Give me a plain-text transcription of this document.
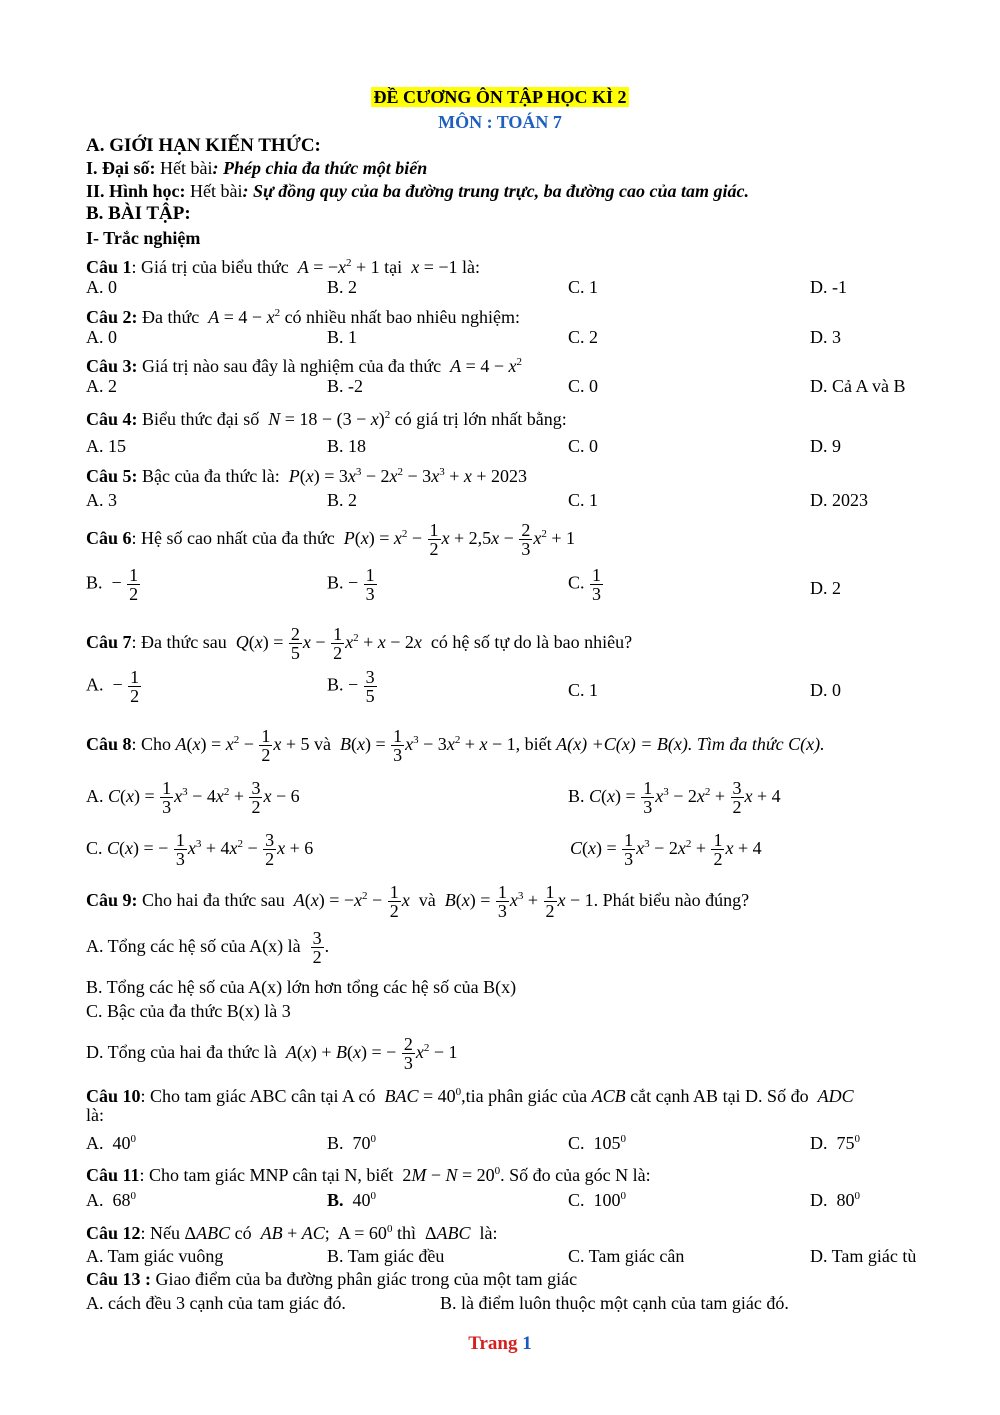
ĐỀ CƯƠNG ÔN TẬP HỌC KÌ 2
MÔN : TOÁN 7
A. GIỚI HẠN KIẾN THỨC:
I. Đại số: Hết bài: Phép chia đa thức một biến
II. Hình học: Hết bài: Sự đồng quy của ba đường trung trực, ba đường cao của tam giác.
B. BÀI TẬP:
I- Trắc nghiệm
Câu 1: Giá trị của biểu thức $A = -x^2 + 1$ tại  x = −1 là:
A. 0	B. 2	C. 1	D. -1
Câu 2: Đa thức $A = 4 - x^2$ có nhiều nhất bao nhiêu nghiệm:
A. 0	B. 1	C. 2	D. 3
Câu 3: Giá trị nào sau đây là nghiệm của đa thức $A = 4 - x^2$
A. 2	B. -2	C. 0	D. Cả A và B
Câu 4: Biểu thức đại số $N = 18 - (3 - x)^2$ có giá trị lớn nhất bằng:
A. 15	B. 18	C. 0	D. 9
Câu 5: Bậc của đa thức là: $P(x) = 3x^3 - 2x^2 - 3x^3 + x + 2023$
A. 3	B. 2	C. 1	D. 2023
Câu 6: Hệ số cao nhất của đa thức $P(x) = x^2 - \frac{1}{2}$ $x + 2,5x - \frac{2}{3} x^2 + 1$
B.  − $\frac{1}{2}$	B. − $\frac{1}{3}$	C. $\frac{1}{3}$	D. 2
Câu 7: Đa thức sau $Q(x) = \frac{2}{5}$ $x - \frac{1}{2} x^2 + x - 2x$ có hệ số tự do là bao nhiêu?
A.  − $\frac{1}{2}$	B. − $\frac{3}{5}$	C. 1	D. 0
Câu 8: Cho $A(x) = x^2 - \frac{1}{2}$ x + 5 và $B(x) = \frac{1}{3} x^3 - 3x^2 + x - 1$, biết A(x) +C(x) = B(x). Tìm đa thức C(x).
A. $C(x) = \frac{1}{3} x^3 - 4x^2 + \frac{3}{2}$ x − 6	B. $C(x) = \frac{1}{3} x^3 - 2x^2 + \frac{3}{2}$ x + 4
C. C(x) = − $\frac{1}{3} x^3 + 4x^2 - \frac{3}{2}$ x + 6	$C(x) = \frac{1}{3} x^3 - 2x^2 + \frac{1}{2}$ x + 4
Câu 9: Cho hai đa thức sau $A(x) = -x^2 - \frac{1}{2}$ x và $B(x) = \frac{1}{3} x^3 + \frac{1}{2}$ x − 1. Phát biểu nào đúng?
A. Tổng các hệ số của A(x) là $\frac{3}{2}$ .
B. Tổng các hệ số của A(x) lớn hơn tổng các hệ số của B(x)
C. Bậc của đa thức B(x) là 3
D. Tổng của hai đa thức là A(x) + B(x) = − $\frac{2}{3} x^2 - 1$
Câu 10: Cho tam giác ABC cân tại A có BAC = $40^0,tia$ phân giác của ACB cắt cạnh AB tại D. Số đo ADC
là:
A.  $40^0$	B.  $70^0$	C.  $105^0$	D.  $75^0$
Câu 11: Cho tam giác MNP cân tại N, biết  $2M - N = 20^0$. Số đo của góc N là:
A.  $68^0$	B.  $40^0$	C.  $100^0$	D.  $80^0$
Câu 12: Nếu ΔABC có AB + AC;  $A = 60^0$ thì  ΔABC là:
A. Tam giác vuông	B. Tam giác đều	C. Tam giác cân	D. Tam giác tù
Câu 13 : Giao điểm của ba đường phân giác trong của một tam giác
A. cách đều 3 cạnh của tam giác đó.	B. là điểm luôn thuộc một cạnh của tam giác đó.
Trang 1
